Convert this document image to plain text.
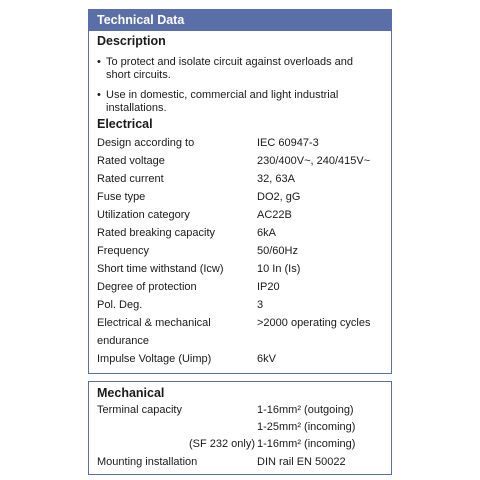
Technical Data
Description
• To protect and isolate circuit against overloads and
short circuits.
• Use in domestic, commercial and light industrial
installations.
Electrical
Design according to	IEC 60947-3
Rated voltage	230/400V~, 240/415V~
Rated current	32, 63A
Fuse type	DO2, gG
Utilization category	AC22B
Rated breaking capacity	6kA
Frequency	50/60Hz
Short time withstand (Icw)	10 In (Is)
Degree of protection	IP20
Pol. Deg.	3
Electrical & mechanical	>2000 operating cycles
endurance
Impulse Voltage (Uimp)	6kV
Mechanical
Terminal capacity	1-16mm² (outgoing)
1-25mm² (incoming)
(SF 232 only) 1-16mm² (incoming)
Mounting installation	DIN rail EN 50022
